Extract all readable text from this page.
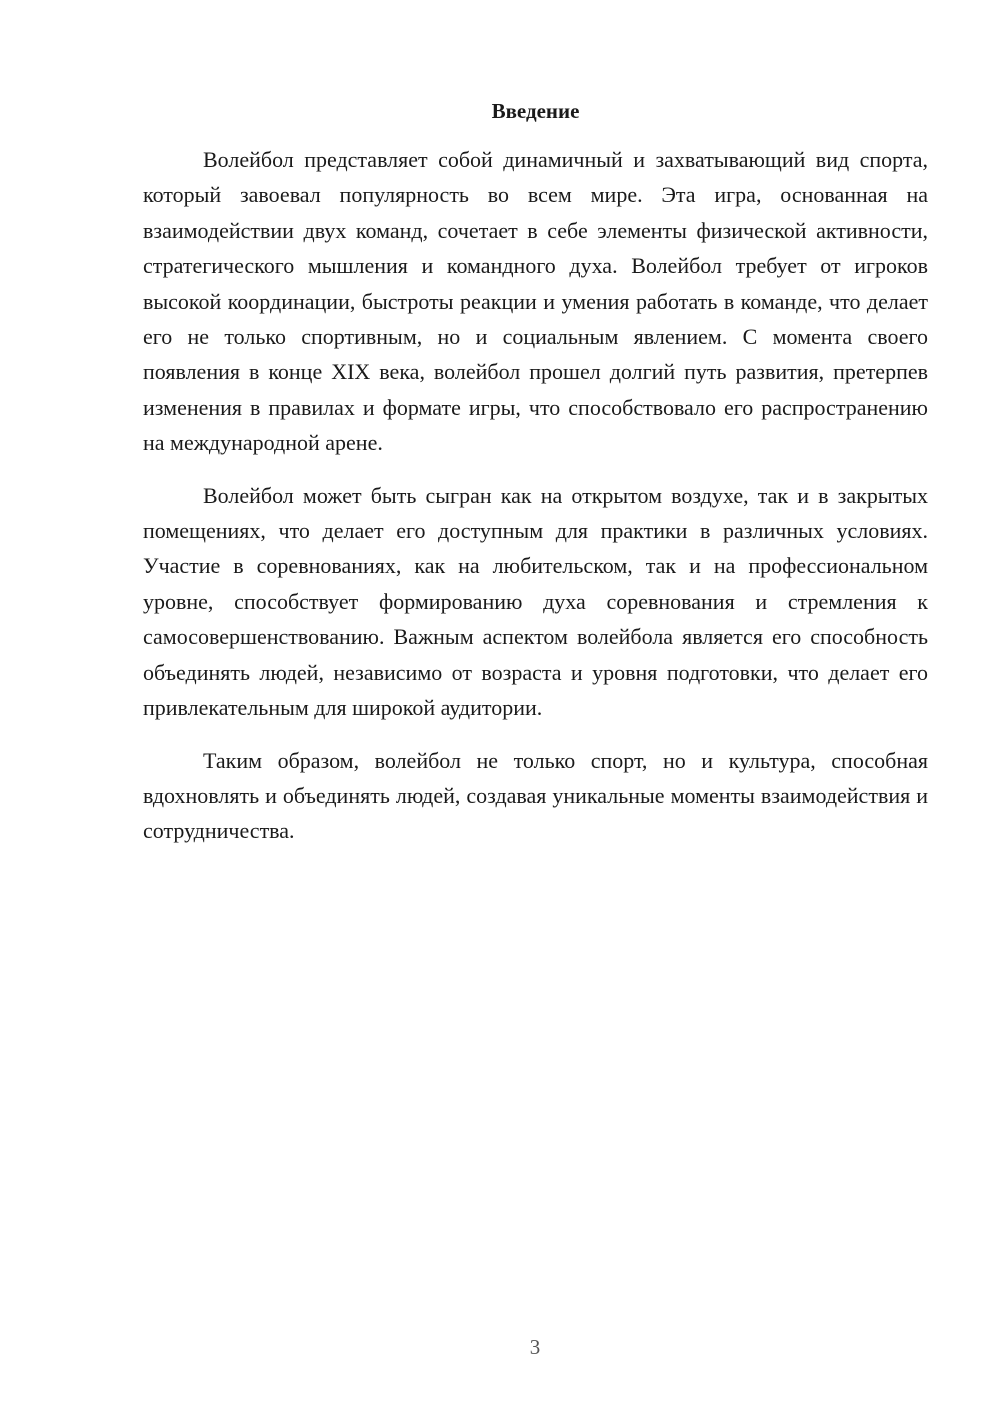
Введение

Волейбол представляет собой динамичный и захватывающий вид спорта, который завоевал популярность во всем мире. Эта игра, основанная на взаимодействии двух команд, сочетает в себе элементы физической активности, стратегического мышления и командного духа. Волейбол требует от игроков высокой координации, быстроты реакции и умения работать в команде, что делает его не только спортивным, но и социальным явлением. С момента своего появления в конце XIX века, волейбол прошел долгий путь развития, претерпев изменения в правилах и формате игры, что способствовало его распространению на международной арене.

Волейбол может быть сыгран как на открытом воздухе, так и в закрытых помещениях, что делает его доступным для практики в различных условиях. Участие в соревнованиях, как на любительском, так и на профессиональном уровне, способствует формированию духа соревнования и стремления к самосовершенствованию. Важным аспектом волейбола является его способность объединять людей, независимо от возраста и уровня подготовки, что делает его привлекательным для широкой аудитории.

Таким образом, волейбол не только спорт, но и культура, способная вдохновлять и объединять людей, создавая уникальные моменты взаимодействия и сотрудничества.

3
